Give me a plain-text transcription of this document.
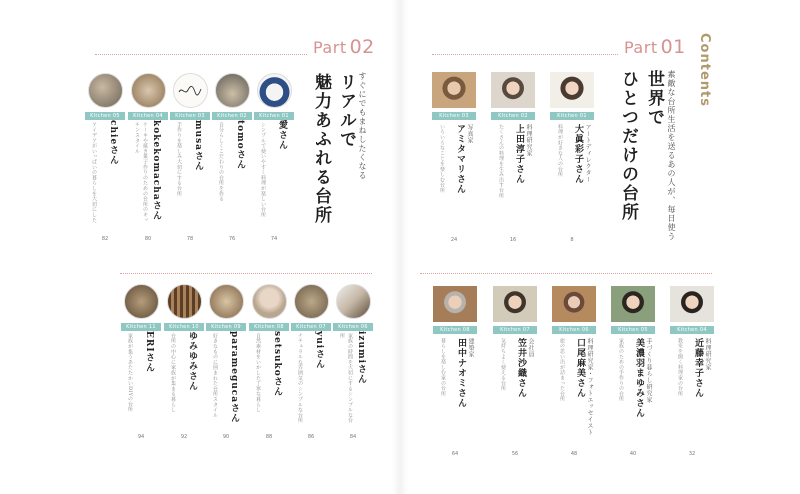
Contents
Part 02	Part 01
すぐにでもまねしたくなる
リアルで
魅力あふれる台所	素敵な台所生活を送るあの人が、毎日使う
世界で
ひとつだけの台所
Kitchen 05
chieさん
アイデアがいっぱいの暮らしを大切にした
82
Kitchen 04
kokekomachaさん
ケーキや焼き菓子作りのための台所のキッチンスタイル
80
Kitchen 03
musaさん
手作りを楽しみ大切にする台所
78
Kitchen 02
tomoさん
自分らしくこだわりの台所を作る
76
Kitchen 01
愛さん
シンプルで使いやすく料理が楽しい台所
74
Kitchen 11
ERIさん
家族が集うあたたかいDIYの台所
94
Kitchen 10
ゆみゆみさん
台所の中心に家族が集まる暮らし
92
Kitchen 09
paramegucaさん
好きなものに囲まれた台所スタイル
90
Kitchen 08
setsukoさん
自然素材をいかした丁寧な暮らし
88
Kitchen 07
yuiさん
ナチュラルな雰囲気のシンプルな台所
86
Kitchen 06
izumiさん
家族の時間を大切にするシンプルな台所
84
Kitchen 03
写真家
アミタマリさん
いろいろなことを楽しむ台所
24
Kitchen 02
料理研究家
上田淳子さん
たくさんの料理を生み出す台所
16
Kitchen 01
アートディレクター
大眞彩子さん
料理が好きな人の台所
8
Kitchen 08
建築家
田中ナオミさん
暮らしを楽しむ家の台所
64
Kitchen 07
会社員
笠井沙織さん
気持ちよく使える台所
56
Kitchen 06
料理研究家・フォトエッセイスト
口尾麻美さん
旅の思い出が詰まった台所
48
Kitchen 05
手づくり暮らし研究家
美濃羽まゆみさん
家族のための手作りの台所
40
Kitchen 04
料理研究家
近藤幸子さん
教室を開く料理家の台所
32
